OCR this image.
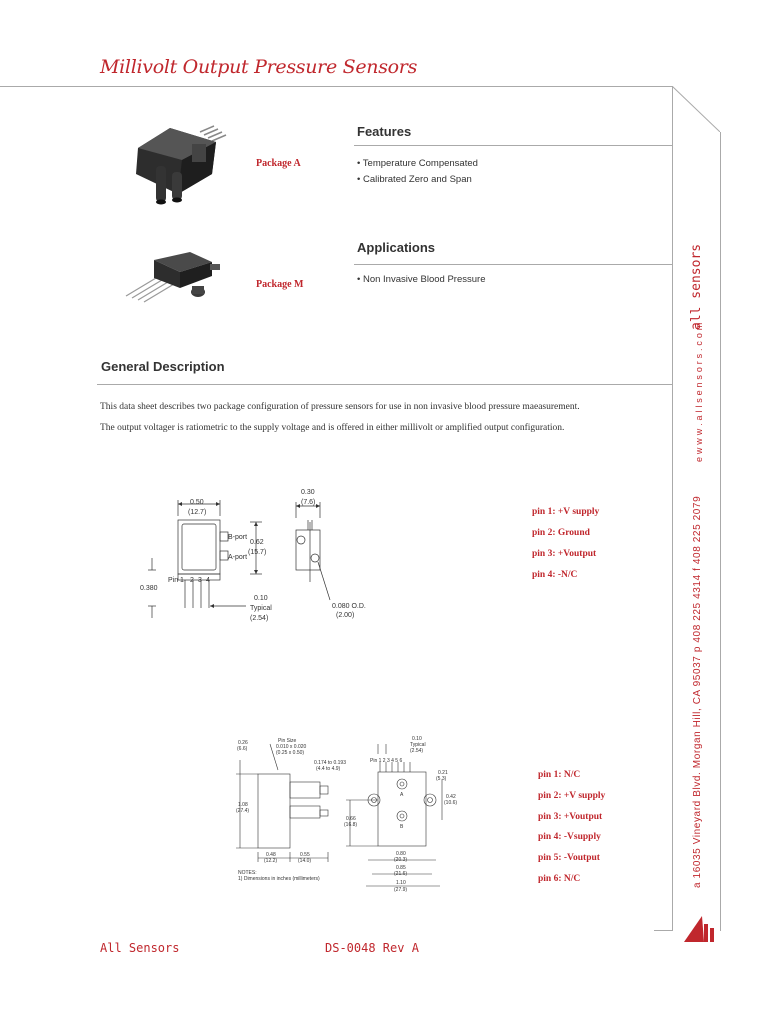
Millivolt Output Pressure Sensors
Package A
Features
• Temperature Compensated
• Calibrated Zero and Span
Package M
Applications
• Non Invasive Blood Pressure
General Description
This data sheet describes two package configuration of pressure sensors for use in non invasive blood pressure maeasurement.
The output voltager is ratiometric to the supply voltage and is offered in either millivolt or amplified output configuration.
0.50
(12.7)
B-port
A-port
0.62
(15.7)
Pin 1 2 3 4
0.380
0.10
Typical
(2.54)
0.30
(7.6)
0.080 O.D.
(2.00)
pin 1: +V supply
pin 2: Ground
pin 3: +Voutput
pin 4: -N/C
0.26
(6.6)
Pin Size
0.010 x 0.020
(0.25 x 0.50)
0.174 to 0.193
(4.4 to 4.9)
1.08
(27.4)
0.48
(12.2)
0.55
(14.0)
NOTES:
1) Dimensions in inches (millimeters)
0.10
Typical
(2.54)
Pin 1 2 3 4 5 6
0.21
(5.3)
0.42
(10.6)
0.66
(16.8)
0.80
(20.3)
0.85
(21.6)
1.10
(27.9)
A
B
pin 1: N/C
pin 2: +V supply
pin 3: +Voutput
pin 4: -Vsupply
pin 5: -Voutput
pin 6: N/C
all sensors
e w w w . a l l s e n s o r s . c o m
a 16035 Vineyard Blvd. Morgan Hill, CA 95037 p 408 225 4314 f 408 225 2079
All Sensors	DS-0048 Rev A
